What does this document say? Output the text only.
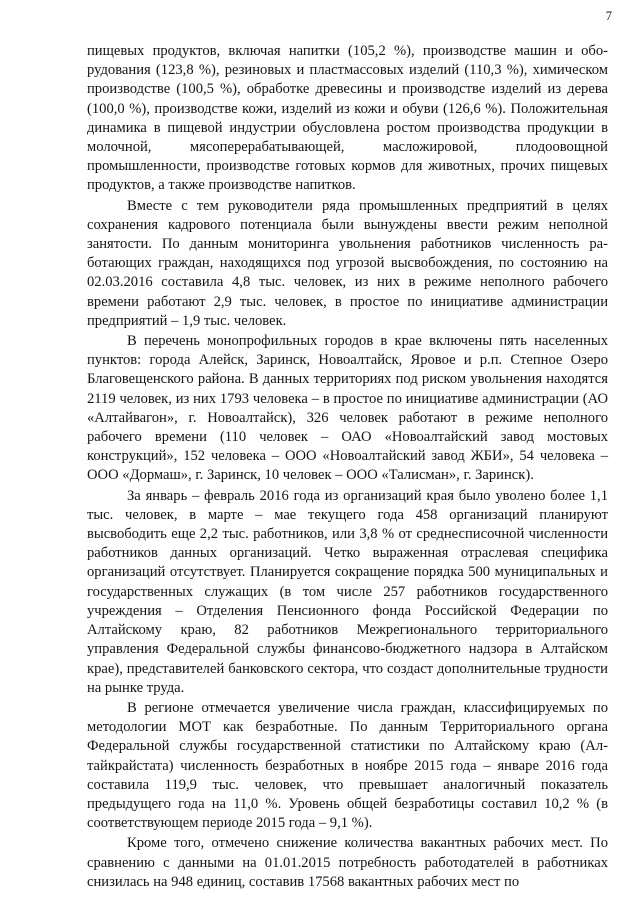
7

пищевых продуктов, включая напитки (105,2 %), производстве машин и оборудования (123,8 %), резиновых и пластмассовых изделий (110,3 %), химическом производстве (100,5 %), обработке древесины и производстве изделий из дерева (100,0 %), производстве кожи, изделий из кожи и обуви (126,6 %). Положительная динамика в пищевой индустрии обусловлена ростом производства продукции в молочной, мясоперерабатывающей, масложировой, плодоовощной промышленности, производстве готовых кормов для животных, прочих пищевых продуктов, а также производстве напитков.

Вместе с тем руководители ряда промышленных предприятий в целях сохранения кадрового потенциала были вынуждены ввести режим неполной занятости. По данным мониторинга увольнения работников численность работающих граждан, находящихся под угрозой высвобождения, по состоянию на 02.03.2016 составила 4,8 тыс. человек, из них в режиме неполного рабочего времени работают 2,9 тыс. человек, в простое по инициативе администрации предприятий – 1,9 тыс. человек.

В перечень монопрофильных городов в крае включены пять населенных пунктов: города Алейск, Заринск, Новоалтайск, Яровое и р.п. Степное Озеро Благовещенского района. В данных территориях под риском увольнения находятся 2119 человек, из них 1793 человека – в простое по инициативе администрации (АО «Алтайвагон», г. Новоалтайск), 326 человек работают в режиме неполного рабочего времени (110 человек – ОАО «Новоалтайский завод мостовых конструкций», 152 человека – ООО «Новоалтайский завод ЖБИ», 54 человека – ООО «Дормаш», г. Заринск, 10 человек – ООО «Талисман», г. Заринск).

За январь – февраль 2016 года из организаций края было уволено более 1,1 тыс. человек, в марте – мае текущего года 458 организаций планируют высвободить еще 2,2 тыс. работников, или 3,8 % от среднесписочной численности работников данных организаций. Четко выраженная отраслевая специфика организаций отсутствует. Планируется сокращение порядка 500 муниципальных и государственных служащих (в том числе 257 работников государственного учреждения – Отделения Пенсионного фонда Российской Федерации по Алтайскому краю, 82 работников Межрегионального территориального управления Федеральной службы финансово-бюджетного надзора в Алтайском крае), представителей банковского сектора, что создаст дополнительные трудности на рынке труда.

В регионе отмечается увеличение числа граждан, классифицируемых по методологии МОТ как безработные. По данным Территориального органа Федеральной службы государственной статистики по Алтайскому краю (Алтайкрайстата) численность безработных в ноябре 2015 года – январе 2016 года составила 119,9 тыс. человек, что превышает аналогичный показатель предыдущего года на 11,0 %. Уровень общей безработицы составил 10,2 % (в соответствующем периоде 2015 года – 9,1 %).

Кроме того, отмечено снижение количества вакантных рабочих мест. По сравнению с данными на 01.01.2015 потребность работодателей в работниках снизилась на 948 единиц, составив 17568 вакантных рабочих мест по
